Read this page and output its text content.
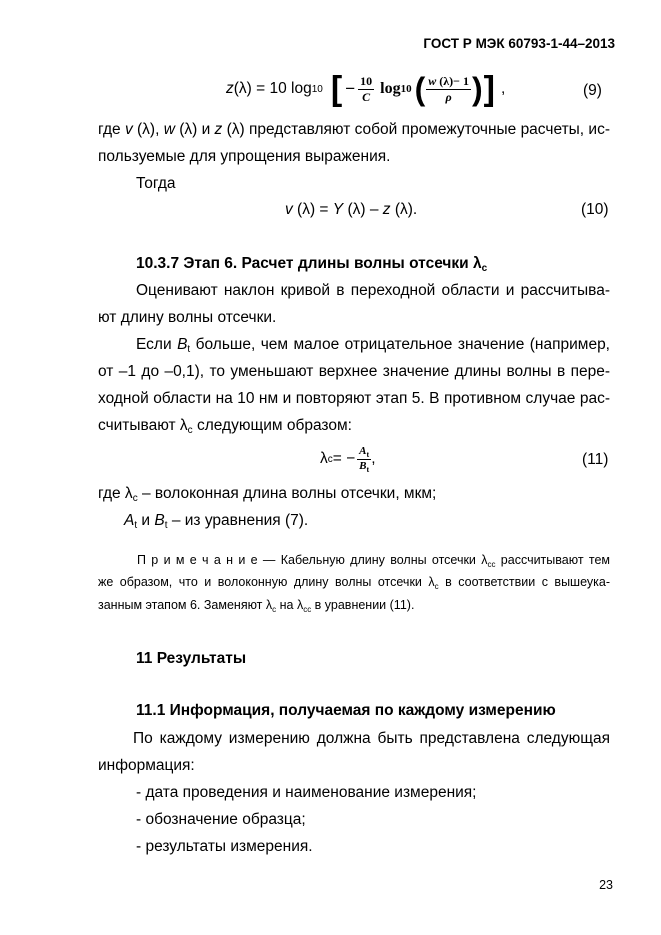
ГОСТ Р МЭК 60793-1-44–2013
z (λ) = 10 log 10 [ − $\frac{10}{C}$ log 10 ( $\frac{w (\lambda)- 1}{\rho}$ ) ] ,	(9)
где v (λ), w (λ) и z (λ) представляют собой промежуточные расчеты, ис-
пользуемые для упрощения выражения.
Тогда
v (λ) = Y (λ) – z (λ).	(10)
10.3.7 Этап 6. Расчет длины волны отсечки $\lambda_c$
Оценивают наклон кривой в переходной области и рассчитыва-
ют длину волны отсечки.
Если $B_t$ больше, чем малое отрицательное значение (например,
от –1 до –0,1), то уменьшают верхнее значение длины волны в пере-
ходной области на 10 нм и повторяют этап 5. В противном случае рас-
считывают $\lambda_c$ следующим образом:
λ c = − $\frac{A_t}{B_t}$ ,	(11)
где $\lambda_c$ – волоконная длина волны отсечки, мкм;
$A_t$ и $B_t$ – из уравнения (7).
П р и м е ч а н и е — Кабельную длину волны отсечки $\lambda_{cc}$ рассчитывают тем
же образом, что и волоконную длину волны отсечки $\lambda_c$ в соответствии с вышеука-
занным этапом 6. Заменяют $\lambda_c$ на $\lambda_{cc}$ в уравнении (11).
11 Результаты
11.1 Информация, получаемая по каждому измерению
По каждому измерению должна быть представлена следующая
информация:
- дата проведения и наименование измерения;
- обозначение образца;
- результаты измерения.
23
